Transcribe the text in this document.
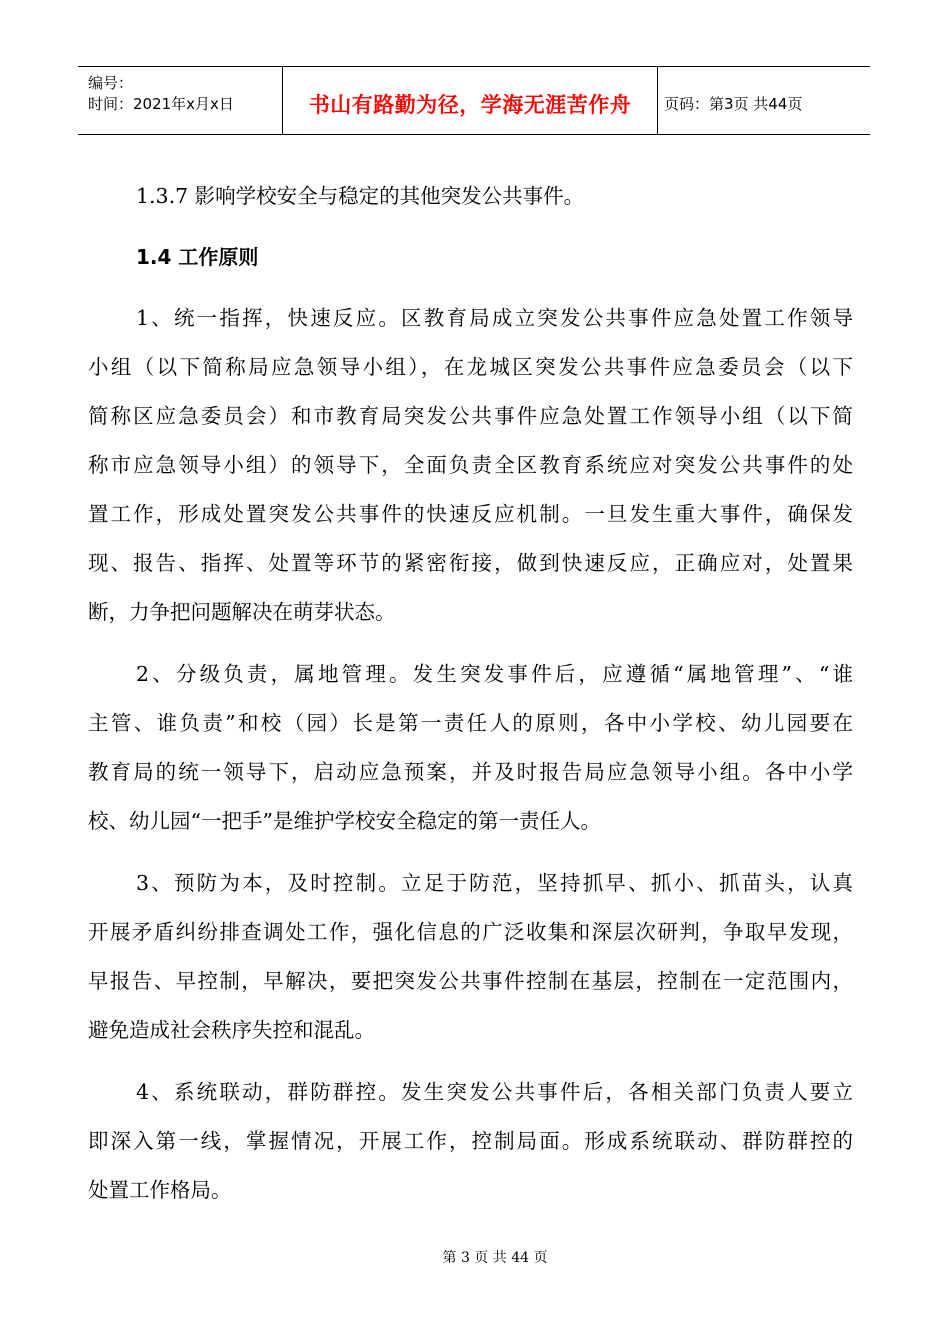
编号：
时间：2021年x月x日	书山有路勤为径，学海无涯苦作舟 页码：第3页 共44页
1.3.7 影响学校安全与稳定的其他突发公共事件。
1.4 工作原则
1、统一指挥，快速反应。区教育局成立突发公共事件应急处置工作领导
小组（以下简称局应急领导小组），在龙城区突发公共事件应急委员会（以下
简称区应急委员会）和市教育局突发公共事件应急处置工作领导小组（以下简
称市应急领导小组）的领导下，全面负责全区教育系统应对突发公共事件的处
置工作，形成处置突发公共事件的快速反应机制。一旦发生重大事件，确保发
现、报告、指挥、处置等环节的紧密衔接，做到快速反应，正确应对，处置果
断，力争把问题解决在萌芽状态。
2、分级负责，属地管理。发生突发事件后，应遵循“属地管理”、“谁
主管、谁负责”和校（园）长是第一责任人的原则，各中小学校、幼儿园要在
教育局的统一领导下，启动应急预案，并及时报告局应急领导小组。各中小学
校、幼儿园“一把手”是维护学校安全稳定的第一责任人。
3、预防为本，及时控制。立足于防范，坚持抓早、抓小、抓苗头，认真
开展矛盾纠纷排查调处工作，强化信息的广泛收集和深层次研判，争取早发现，
早报告、早控制，早解决，要把突发公共事件控制在基层，控制在一定范围内，
避免造成社会秩序失控和混乱。
4、系统联动，群防群控。发生突发公共事件后，各相关部门负责人要立
即深入第一线，掌握情况，开展工作，控制局面。形成系统联动、群防群控的
处置工作格局。
第 3 页 共 44 页
